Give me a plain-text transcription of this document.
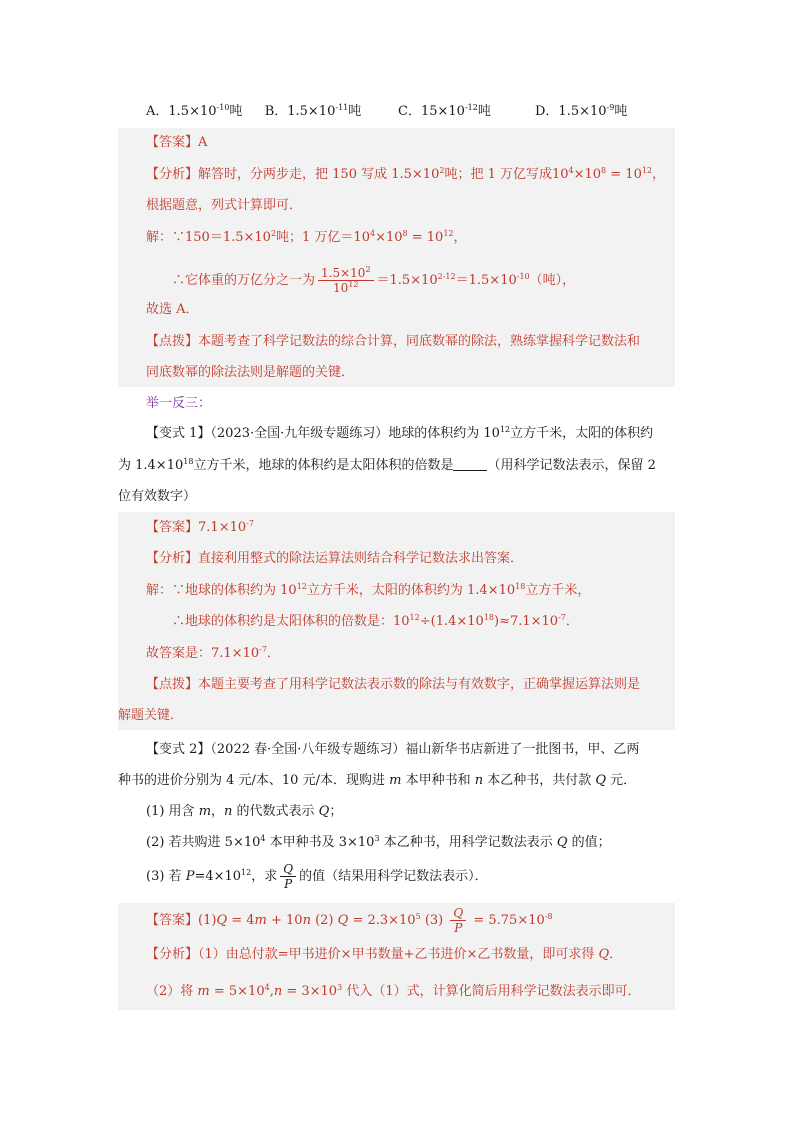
A．$1.5\times 10^{-10}$吨 B．$1.5\times 10^{-11}$吨	C．$15\times 10^{-12}$吨	D．$1.5\times 10^{-9}$吨
【答案】A
【分析】解答时，分两步走，把 150 写成 $1.5\times 10^2$吨；把 1 万亿写成$10^4\times 10^8 = 10^{12}$，
根据题意，列式计算即可．
解：$\because 150=1.5\times 10^2$吨；1 万亿$=10^4\times 10^8 = 10^{12}$，
∴它体重的万亿分之一为 $\frac{1.5\times 10^2}{10^{12}} =1.5\times 10^{2-12}=1.5\times 10^{-10}$（吨），
故选 A．
【点拨】本题考查了科学记数法的综合计算，同底数幂的除法，熟练掌握科学记数法和
同底数幂的除法法则是解题的关键．
举一反三：
【变式 1】（2023·全国·九年级专题练习）地球的体积约为 $10^{12}$立方千米，太阳的体积约
为 $1.4\times 10^{18}$立方千米，地球的体积约是太阳体积的倍数是	（用科学记数法表示，保留 2
位有效数字）
【答案】$7.1\times 10^{-7}$
【分析】直接利用整式的除法运算法则结合科学记数法求出答案．
解：∵地球的体积约为 $10^{12}$立方千米，太阳的体积约为 $1.4\times 10^{18}$立方千米，
∴地球的体积约是太阳体积的倍数是：$10^{12}\div(1.4\times 10^{18})\approx 7.1\times 10^{-7}$．
故答案是：$7.1\times 10^{-7}$．
【点拨】本题主要考查了用科学记数法表示数的除法与有效数字，正确掌握运算法则是
解题关键．
【变式 2】（2022 春·全国·八年级专题练习）福山新华书店新进了一批图书，甲、乙两
种书的进价分别为 4 元/本、10 元/本．现购进 m 本甲种书和 n 本乙种书，共付款 Q 元．
(1) 用含 m，n 的代数式表示 Q；
(2) 若共购进 $5\times 10^4$ 本甲种书及 $3\times 10^3$ 本乙种书，用科学记数法表示 Q 的值；
(3) 若 $P=4\times 10^{12}$，求 $\frac{Q}{P}$ 的值（结果用科学记数法表示）．
【答案】(1)Q = 4m + 10n (2) $Q = 2.3\times 10^5$ $(3) \frac{Q}{P} = 5.75\times 10^{-8}$
【分析】（1）由总付款=甲书进价×甲书数量+乙书进价×乙书数量，即可求得 Q．
（2）将 $m = 5\times 10^4,n = 3\times 10^3$ 代入（1）式，计算化简后用科学记数法表示即可．
